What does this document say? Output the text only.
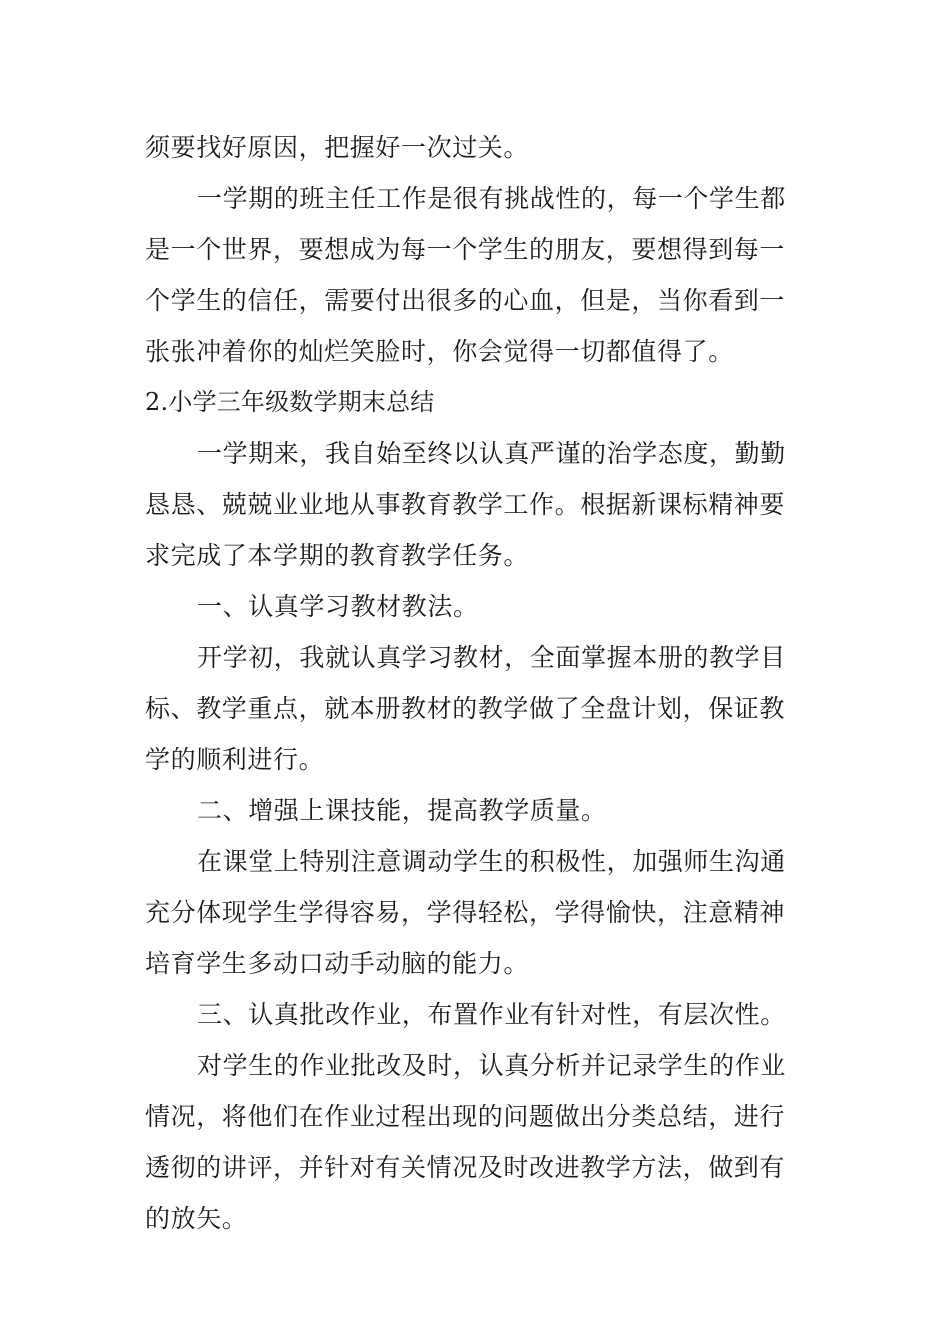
须要找好原因，把握好一次过关。
一学期的班主任工作是很有挑战性的，每一个学生都
是一个世界，要想成为每一个学生的朋友，要想得到每一
个学生的信任，需要付出很多的心血，但是，当你看到一
张张冲着你的灿烂笑脸时，你会觉得一切都值得了。
2.小学三年级数学期末总结
一学期来，我自始至终以认真严谨的治学态度，勤勤
恳恳、兢兢业业地从事教育教学工作。根据新课标精神要
求完成了本学期的教育教学任务。
一、认真学习教材教法。
开学初，我就认真学习教材，全面掌握本册的教学目
标、教学重点，就本册教材的教学做了全盘计划，保证教
学的顺利进行。
二、增强上课技能，提高教学质量。
在课堂上特别注意调动学生的积极性，加强师生沟通
充分体现学生学得容易，学得轻松，学得愉快，注意精神
培育学生多动口动手动脑的能力。
三、认真批改作业，布置作业有针对性，有层次性。
对学生的作业批改及时，认真分析并记录学生的作业
情况，将他们在作业过程出现的问题做出分类总结，进行
透彻的讲评，并针对有关情况及时改进教学方法，做到有
的放矢。
